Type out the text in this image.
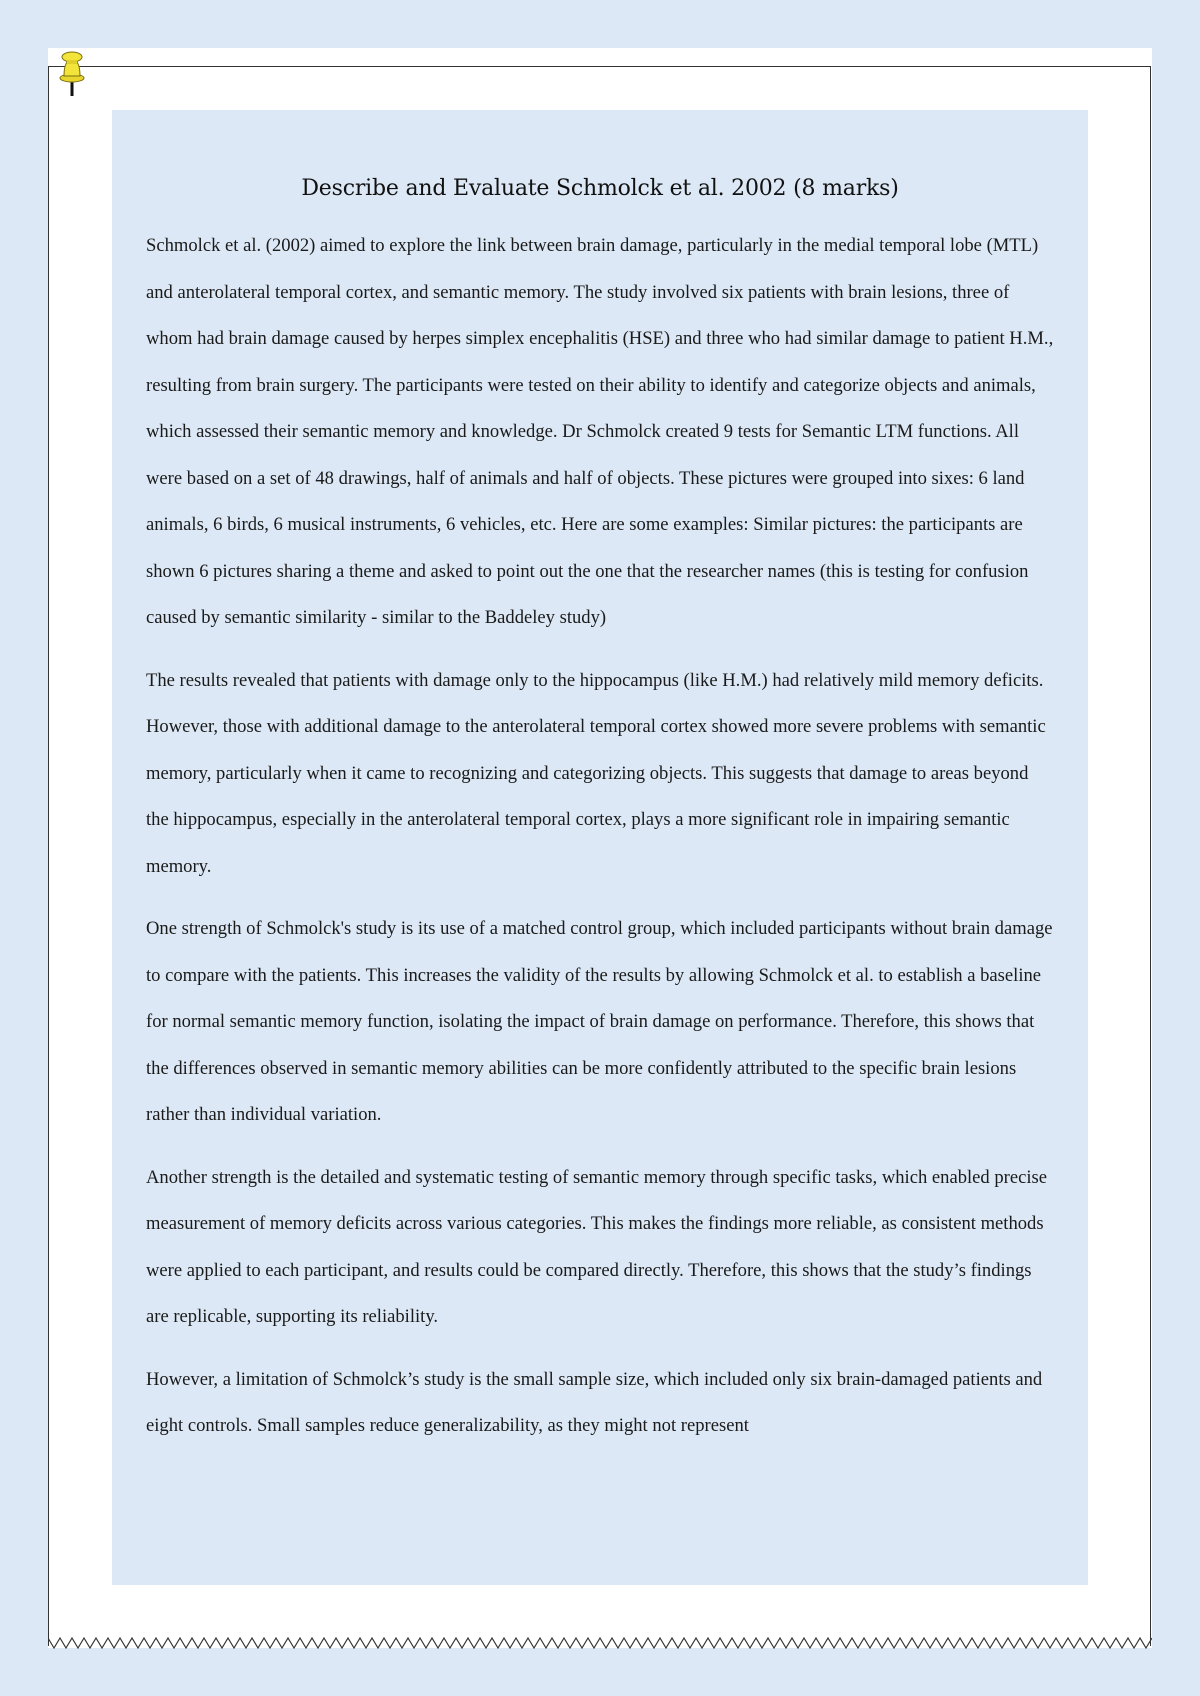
Describe and Evaluate Schmolck et al. 2002 (8 marks)

Schmolck et al. (2002) aimed to explore the link between brain damage, particularly in the medial temporal lobe (MTL) and anterolateral temporal cortex, and semantic memory. The study involved six patients with brain lesions, three of whom had brain damage caused by herpes simplex encephalitis (HSE) and three who had similar damage to patient H.M., resulting from brain surgery. The participants were tested on their ability to identify and categorize objects and animals, which assessed their semantic memory and knowledge. Dr Schmolck created 9 tests for Semantic LTM functions. All were based on a set of 48 drawings, half of animals and half of objects. These pictures were grouped into sixes: 6 land animals, 6 birds, 6 musical instruments, 6 vehicles, etc. Here are some examples: Similar pictures: the participants are shown 6 pictures sharing a theme and asked to point out the one that the researcher names (this is testing for confusion caused by semantic similarity - similar to the Baddeley study)

The results revealed that patients with damage only to the hippocampus (like H.M.) had relatively mild memory deficits. However, those with additional damage to the anterolateral temporal cortex showed more severe problems with semantic memory, particularly when it came to recognizing and categorizing objects. This suggests that damage to areas beyond the hippocampus, especially in the anterolateral temporal cortex, plays a more significant role in impairing semantic memory.

One strength of Schmolck's study is its use of a matched control group, which included participants without brain damage to compare with the patients. This increases the validity of the results by allowing Schmolck et al. to establish a baseline for normal semantic memory function, isolating the impact of brain damage on performance. Therefore, this shows that the differences observed in semantic memory abilities can be more confidently attributed to the specific brain lesions rather than individual variation.

Another strength is the detailed and systematic testing of semantic memory through specific tasks, which enabled precise measurement of memory deficits across various categories. This makes the findings more reliable, as consistent methods were applied to each participant, and results could be compared directly. Therefore, this shows that the study’s findings are replicable, supporting its reliability.

However, a limitation of Schmolck’s study is the small sample size, which included only six brain-damaged patients and eight controls. Small samples reduce generalizability, as they might not represent
